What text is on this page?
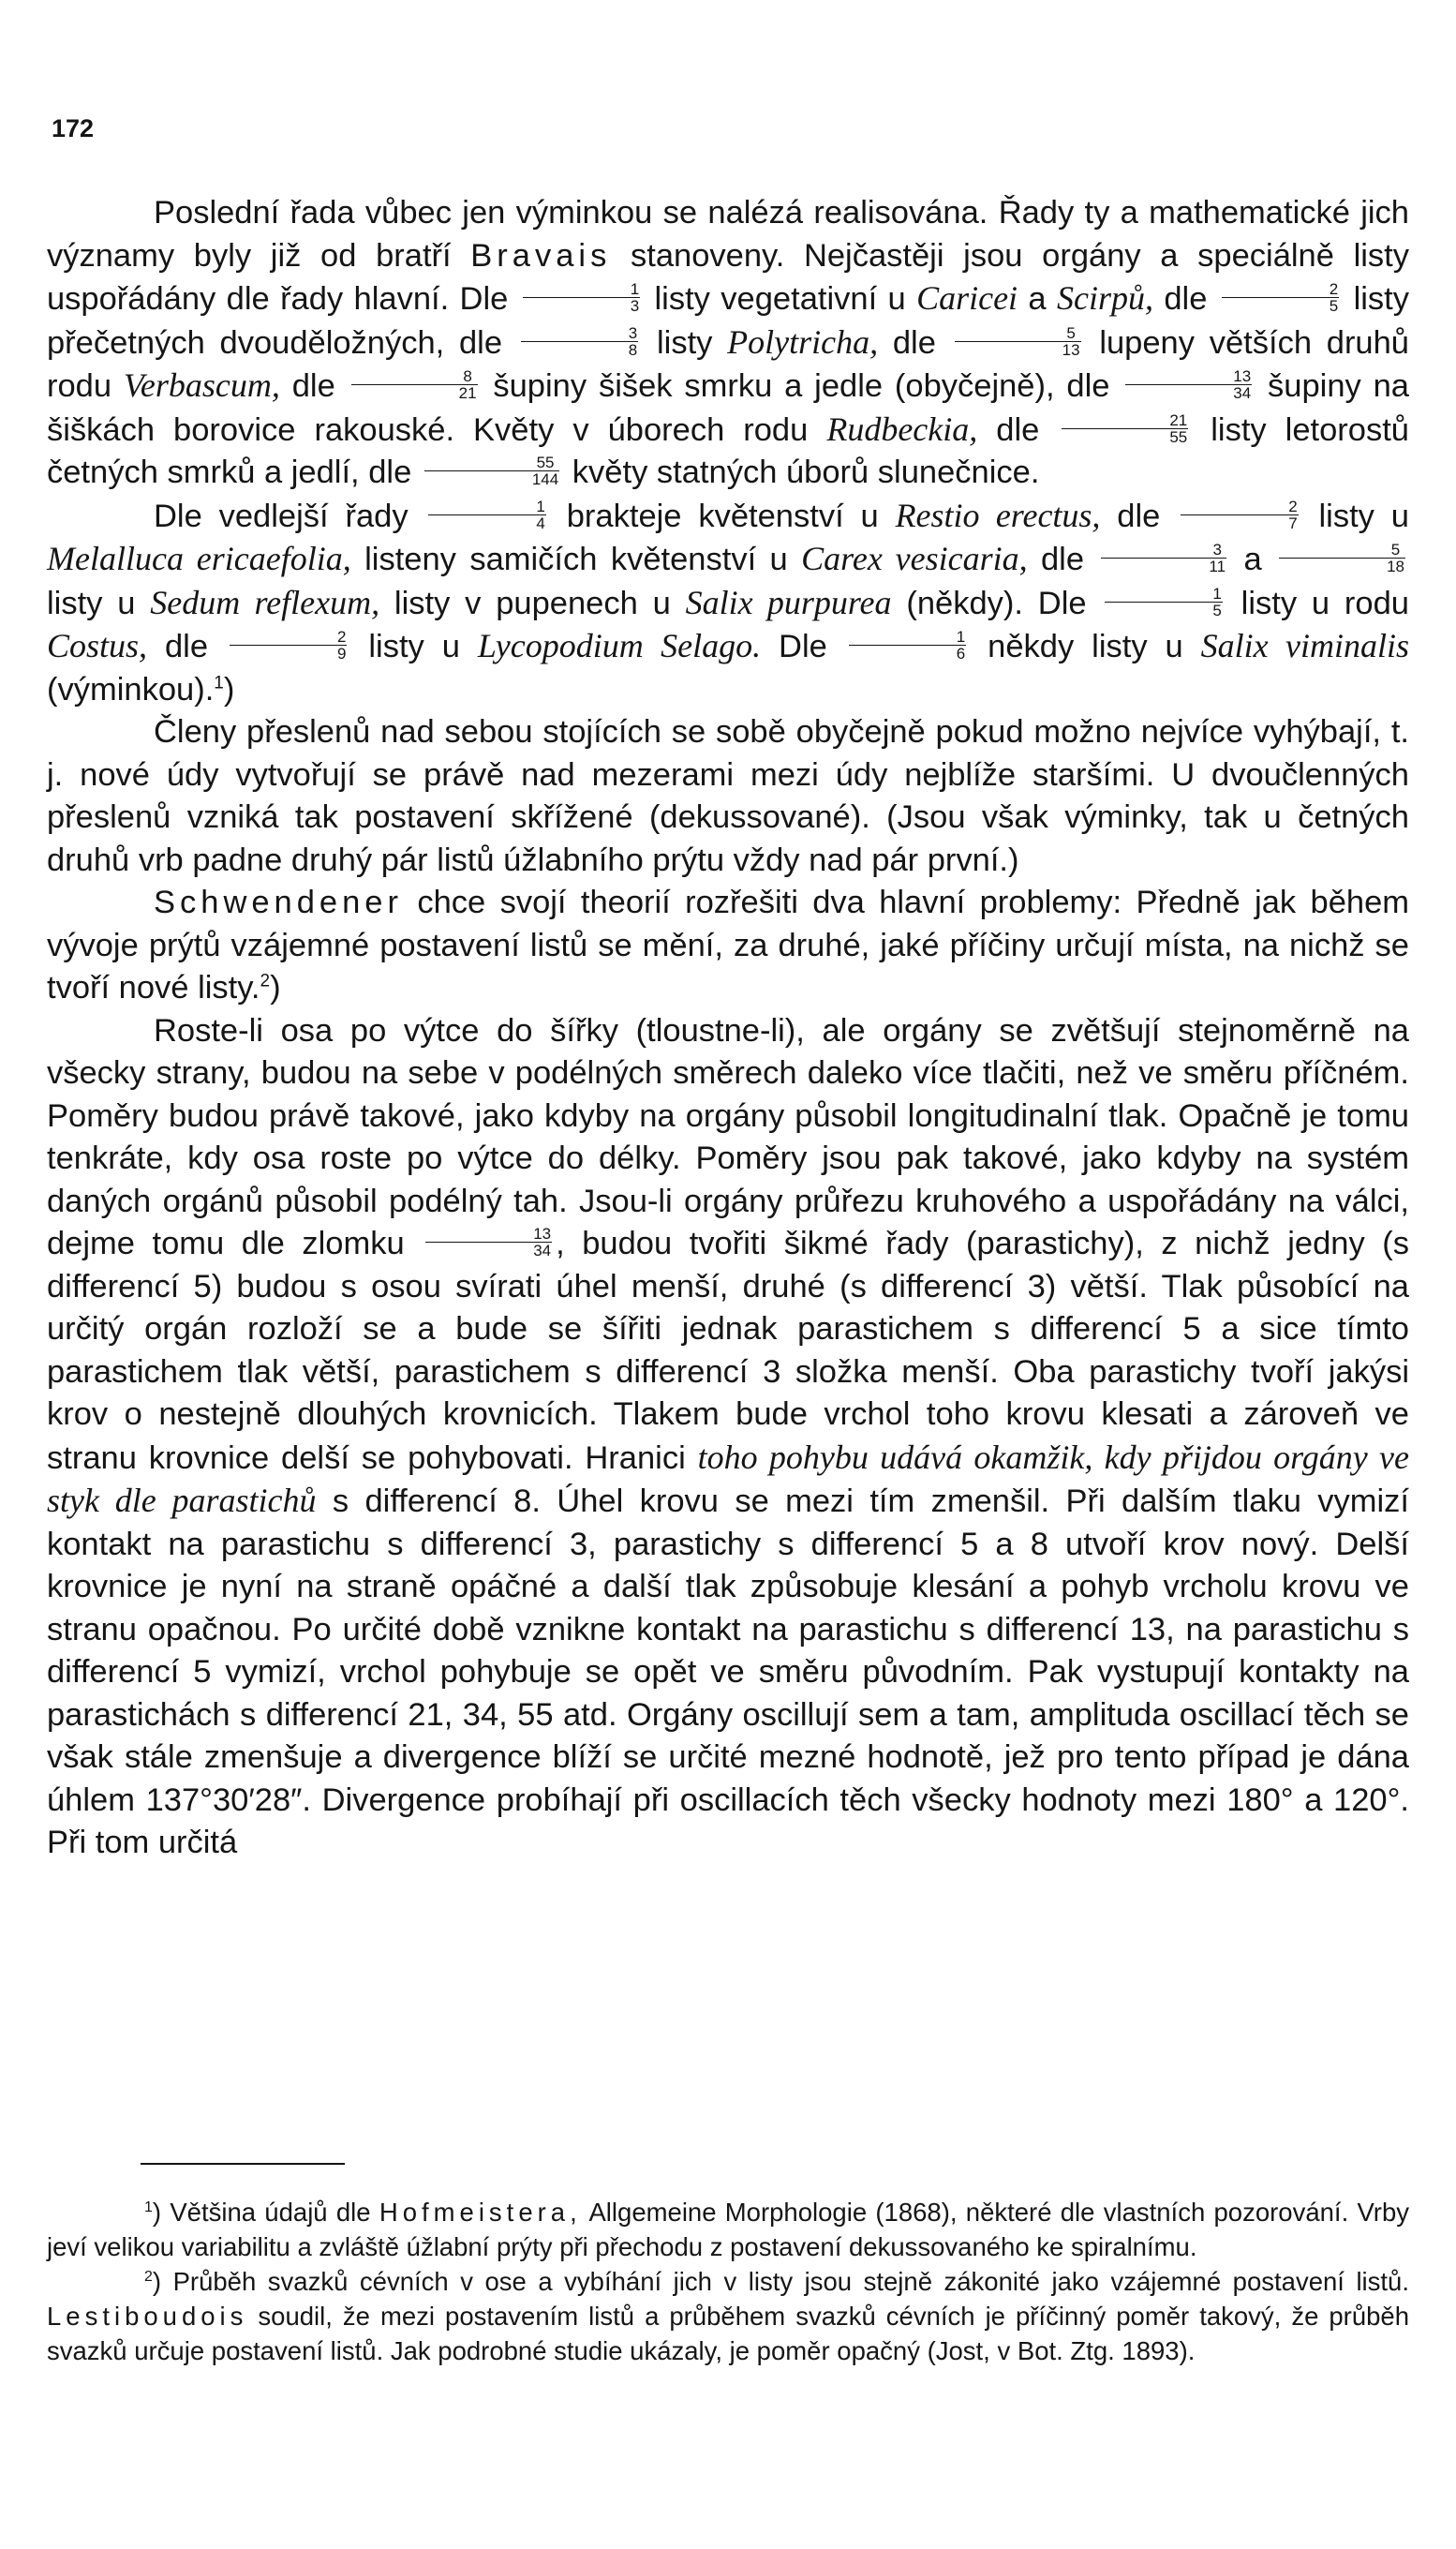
172

Poslední řada vůbec jen výminkou se nalézá realisována. Řady ty a mathematické jich významy byly již od bratří Bravais stanoveny. Nejčastěji jsou orgány a speciálně listy uspořádány dle řady hlavní. Dle $\frac{1}{3}$ listy vegetativní u Caricei a Scirpů, dle $\frac{2}{5}$ listy přečetných dvouděložných, dle $\frac{3}{8}$ listy Polytricha, dle $\frac{5}{13}$ lupeny větších druhů rodu Verbascum, dle $\frac{8}{21}$ šupiny šišek smrku a jedle (obyčejně), dle $\frac{13}{34}$ šupiny na šiškách borovice rakouské. Květy v úborech rodu Rudbeckia, dle $\frac{21}{55}$ listy letorostů četných smrků a jedlí, dle $\frac{55}{144}$ květy statných úborů slunečnice.

Dle vedlejší řady $\frac{1}{4}$ brakteje květenství u Restio erectus, dle $\frac{2}{7}$ listy u Melalluca ericaefolia, listeny samičích květenství u Carex vesicaria, dle $\frac{3}{11}$ a $\frac{5}{18}$
listy u Sedum reflexum, listy v pupenech u Salix purpurea (někdy). Dle $\frac{1}{5}$ listy u rodu Costus, dle $\frac{2}{9}$ listy u Lycopodium Selago. Dle $\frac{1}{6}$ někdy listy u Salix viminalis (výminkou).$^1$)

Členy přeslenů nad sebou stojících se sobě obyčejně pokud možno nejvíce vyhýbají, t. j. nové údy vytvořují se právě nad mezerami mezi údy nejblíže staršími. U dvoučlenných přeslenů vzniká tak postavení skřížené (dekussované). (Jsou však výminky, tak u četných druhů vrb padne druhý pár listů úžlabního prýtu vždy nad pár první.)

Schwendener chce svojí theorií rozřešiti dva hlavní problemy: Předně jak během vývoje prýtů vzájemné postavení listů se mění, za druhé, jaké příčiny určují místa, na nichž se tvoří nové listy.$^2$)

Roste-li osa po výtce do šířky (tloustne-li), ale orgány se zvětšují stejnoměrně na všecky strany, budou na sebe v podélných směrech daleko více tlačiti, než ve směru příčném. Poměry budou právě takové, jako kdyby na orgány působil longitudinalní tlak. Opačně je tomu tenkráte, kdy osa roste po výtce do délky. Poměry jsou pak takové, jako kdyby na systém daných orgánů působil podélný tah. Jsou-li orgány průřezu kruhového a uspořádány na válci, dejme tomu dle zlomku $\frac{13}{34}$ , budou tvořiti šikmé řady (parastichy), z nichž jedny (s differencí 5) budou s osou svírati úhel menší, druhé (s differencí 3) větší. Tlak působící na určitý orgán rozloží se a bude se šířiti jednak parastichem s differencí 5 a sice tímto parastichem tlak větší, parastichem s differencí 3 složka menší. Oba parastichy tvoří jakýsi krov o nestejně dlouhých krovnicích. Tlakem bude vrchol toho krovu klesati a zároveň ve stranu krovnice delší se pohybovati. Hranici toho pohybu udává okamžik, kdy přijdou orgány ve styk dle parastichů s differencí 8. Úhel krovu se mezi tím zmenšil. Při dalším tlaku vymizí kontakt na parastichu s differencí 3, parastichy s differencí 5 a 8 utvoří krov nový. Delší krovnice je nyní na straně opáčné a další tlak způsobuje klesání a pohyb vrcholu krovu ve stranu opačnou. Po určité době vznikne kontakt na parastichu s differencí 13, na parastichu s differencí 5 vymizí, vrchol pohybuje se opět ve směru původním. Pak vystupují kontakty na parastichách s differencí 21, 34, 55 atd. Orgány oscillují sem a tam, amplituda oscillací těch se však stále zmenšuje a divergence blíží se určité mezné hodnotě, jež pro tento případ je dána úhlem 137°30′28″. Divergence probíhají při oscillacích těch všecky hodnoty mezi 180° a 120°. Při tom určitá

$^1$) Většina údajů dle Hofmeistera, Allgemeine Morphologie (1868), některé dle vlastních pozorování. Vrby jeví velikou variabilitu a zvláště úžlabní prýty při přechodu z postavení dekussovaného ke spiralnímu.

$^2$) Průběh svazků cévních v ose a vybíhání jich v listy jsou stejně zákonité jako vzájemné postavení listů. Lestiboudois soudil, že mezi postavením listů a průběhem svazků cévních je příčinný poměr takový, že průběh svazků určuje postavení listů. Jak podrobné studie ukázaly, je poměr opačný (Jost, v Bot. Ztg. 1893).
